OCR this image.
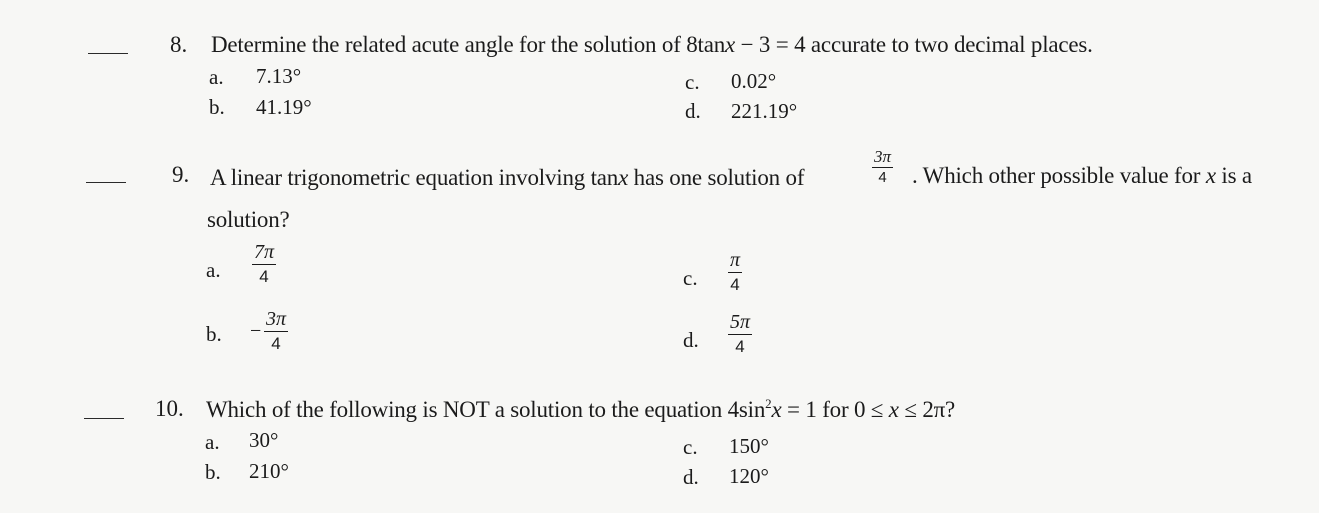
8. Determine the related acute angle for the solution of 8tanx − 3 = 4 accurate to two decimal places.
a. 7.13°
b. 41.19°
c. 0.02°
d. 221.19°
9. A linear trigonometric equation involving tanx has one solution of	$\frac{3\pi}{4}$ . Which other possible value for x is a
solution?
a. $\frac{7\pi}{4}$
b. − $\frac{3\pi}{4}$
c. $\frac{\pi}{4}$
d. $\frac{5\pi}{4}$
10. Which of the following is NOT a solution to the equation $4\sin^2x = 1$ for 0 ≤ x ≤ 2π?
a. 30°
b. 210°
c. 150°
d. 120°
